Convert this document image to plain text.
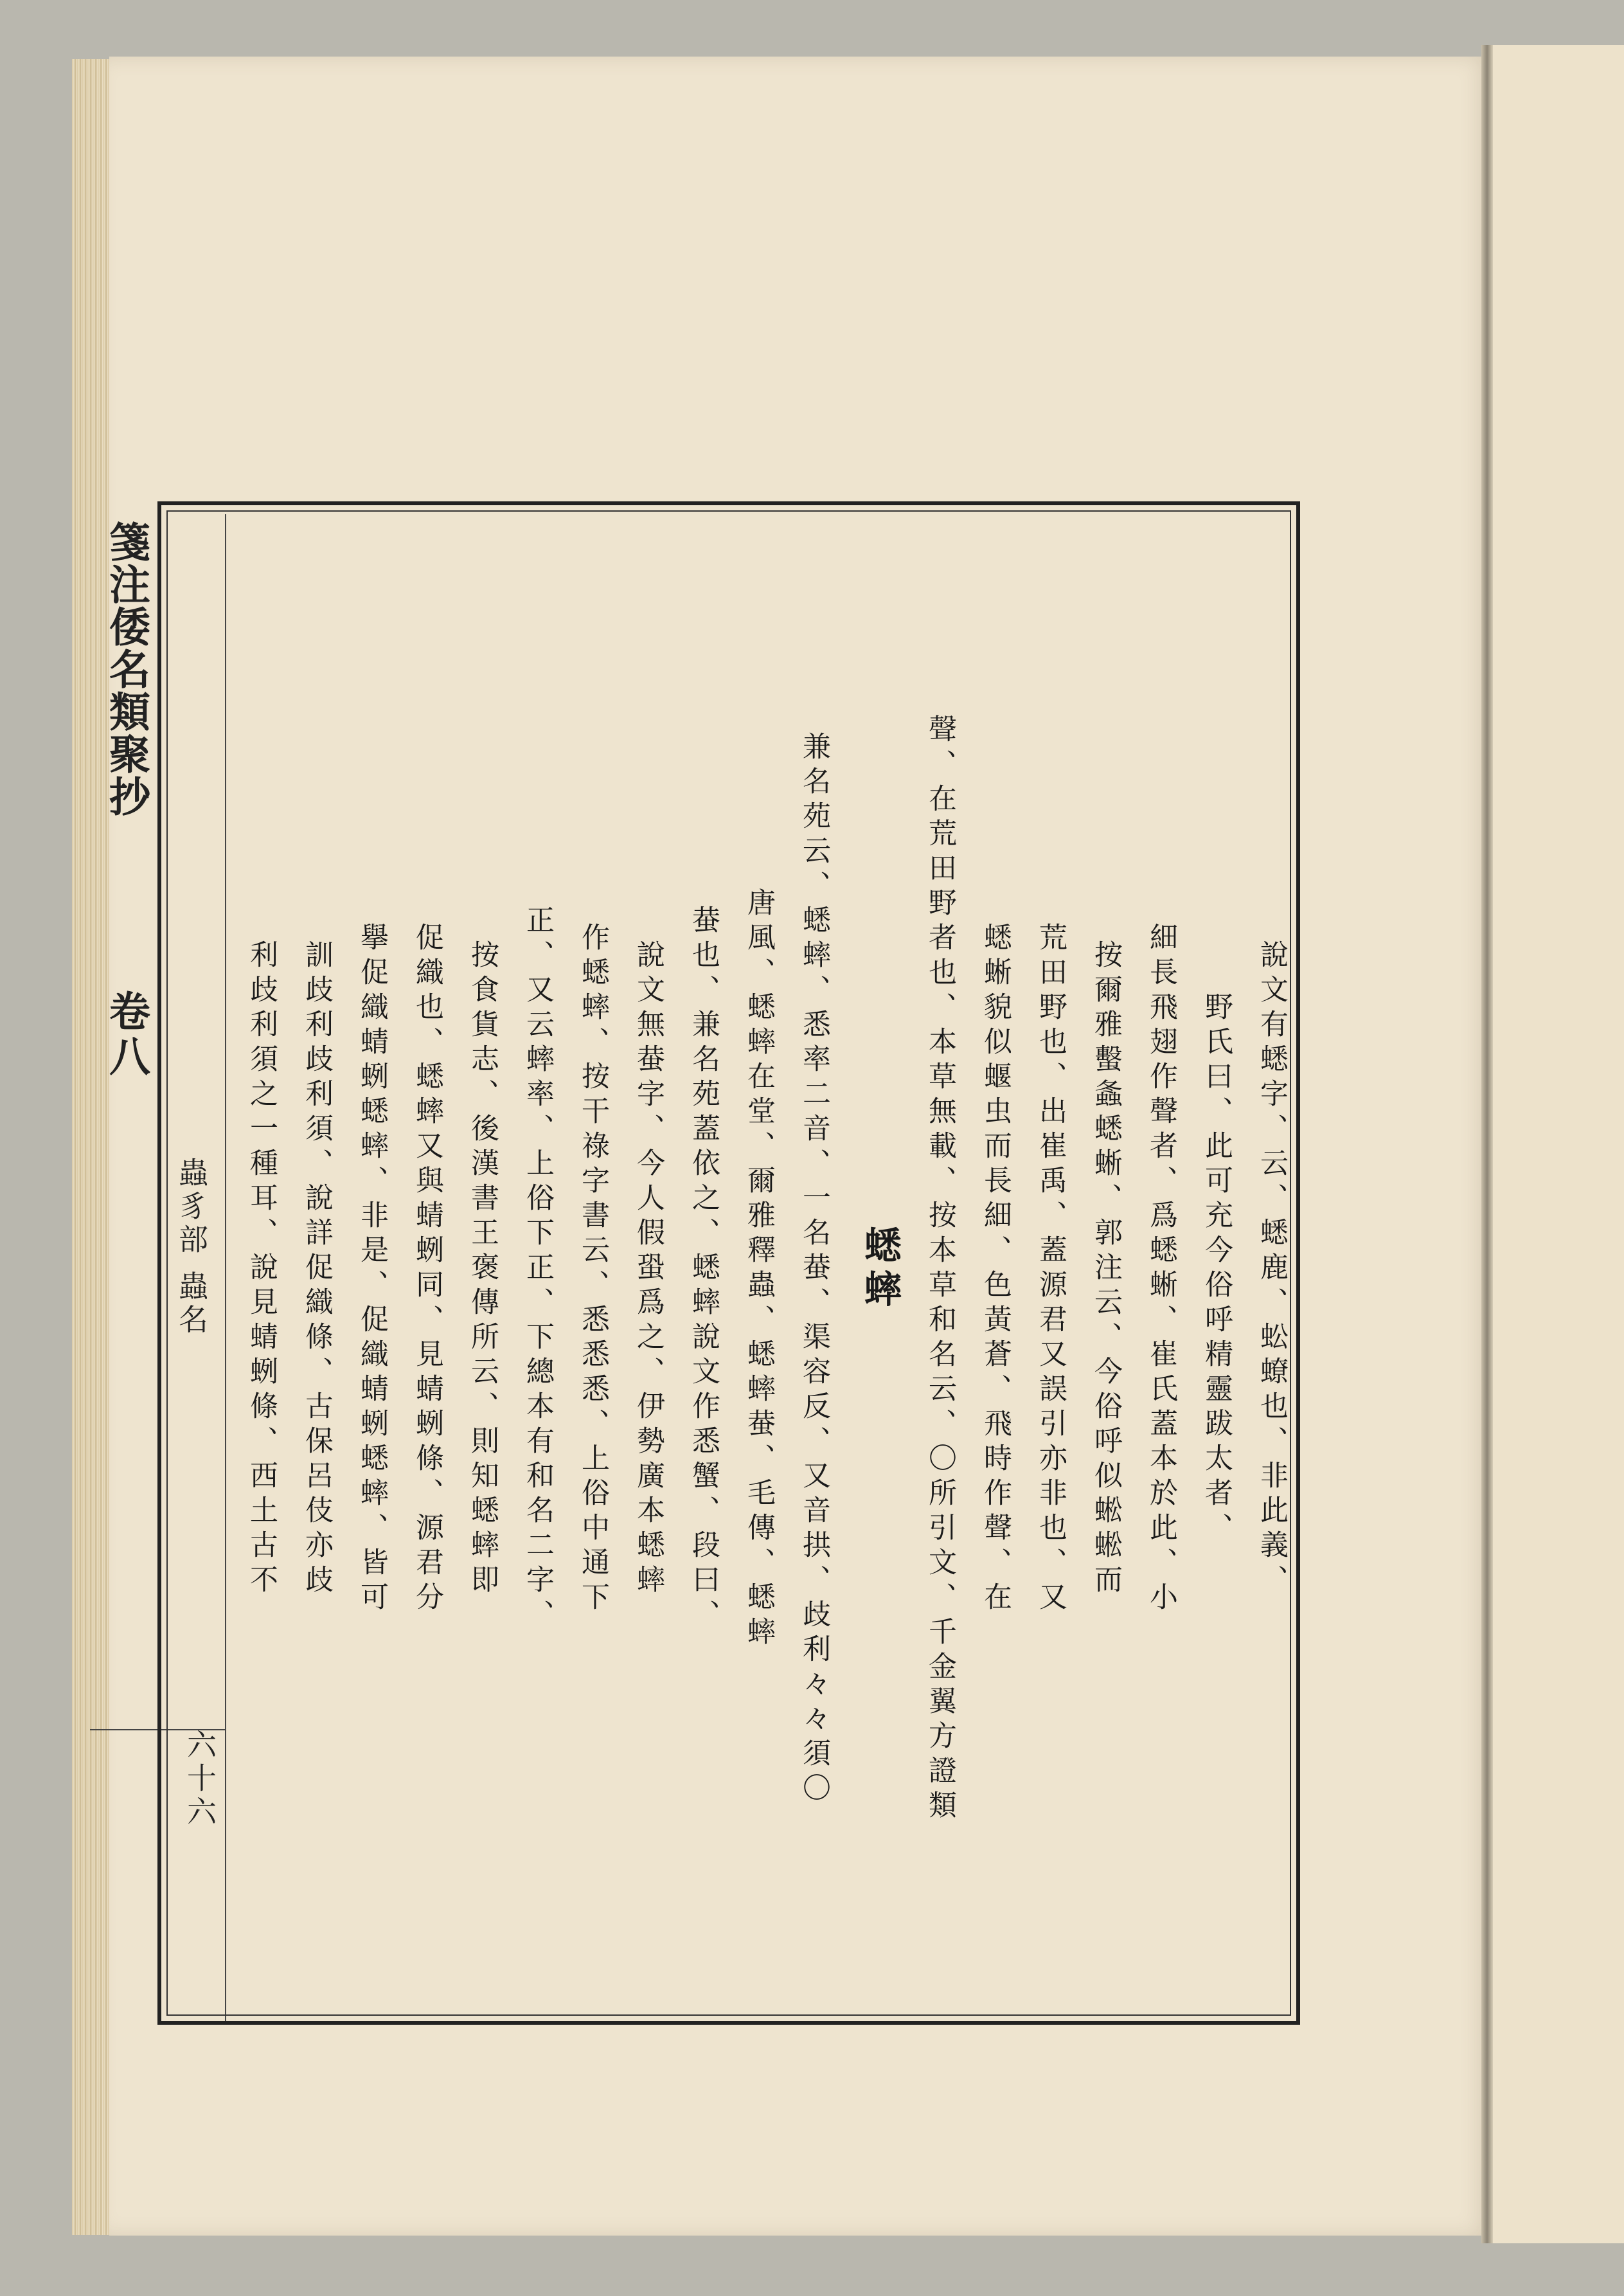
箋注倭名類聚抄
卷八
蟲豸部 蟲名
六十六
說文有蟋字、云、蟋鹿、蚣蟟也、非此義、
野氏曰、此可充今俗呼精靈跋太者、
細長飛翅作聲者、爲蟋蜥、崔氏蓋本於此、小
按爾雅蟿螽蟋蜥、郭注云、今俗呼似蜙蜙而
荒田野也、出崔禹、蓋源君又誤引亦非也、又
蟋蜥貌似蝘虫而長細、色黃蒼、飛時作聲、在
聲、在荒田野者也、本草無載、按本草和名云、〇所引文、千金翼方證類
蟋蟀
兼名苑云、蟋蟀、悉率二音、一名蛬、渠容反、又音拱、歧利々々須〇
唐風、蟋蟀在堂、爾雅釋蟲、蟋蟀蛬、毛傳、蟋蟀
蛬也、兼名苑蓋依之、蟋蟀說文作悉蟹、段曰、
說文無蛬字、今人假蛩爲之、伊勢廣本蟋蟀
作蟋蟀、按干祿字書云、悉悉悉、上俗中通下
正、又云蟀率、上俗下正、下總本有和名二字、
按食貨志、後漢書王褒傳所云、則知蟋蟀即
促織也、蟋蟀又與蜻蛚同、見蜻蛚條、源君分
擧促織蜻蛚蟋蟀、非是、促織蜻蛚蟋蟀、皆可
訓歧利歧利須、說詳促織條、古保呂伎亦歧
利歧利須之一種耳、說見蜻蛚條、西土古不
